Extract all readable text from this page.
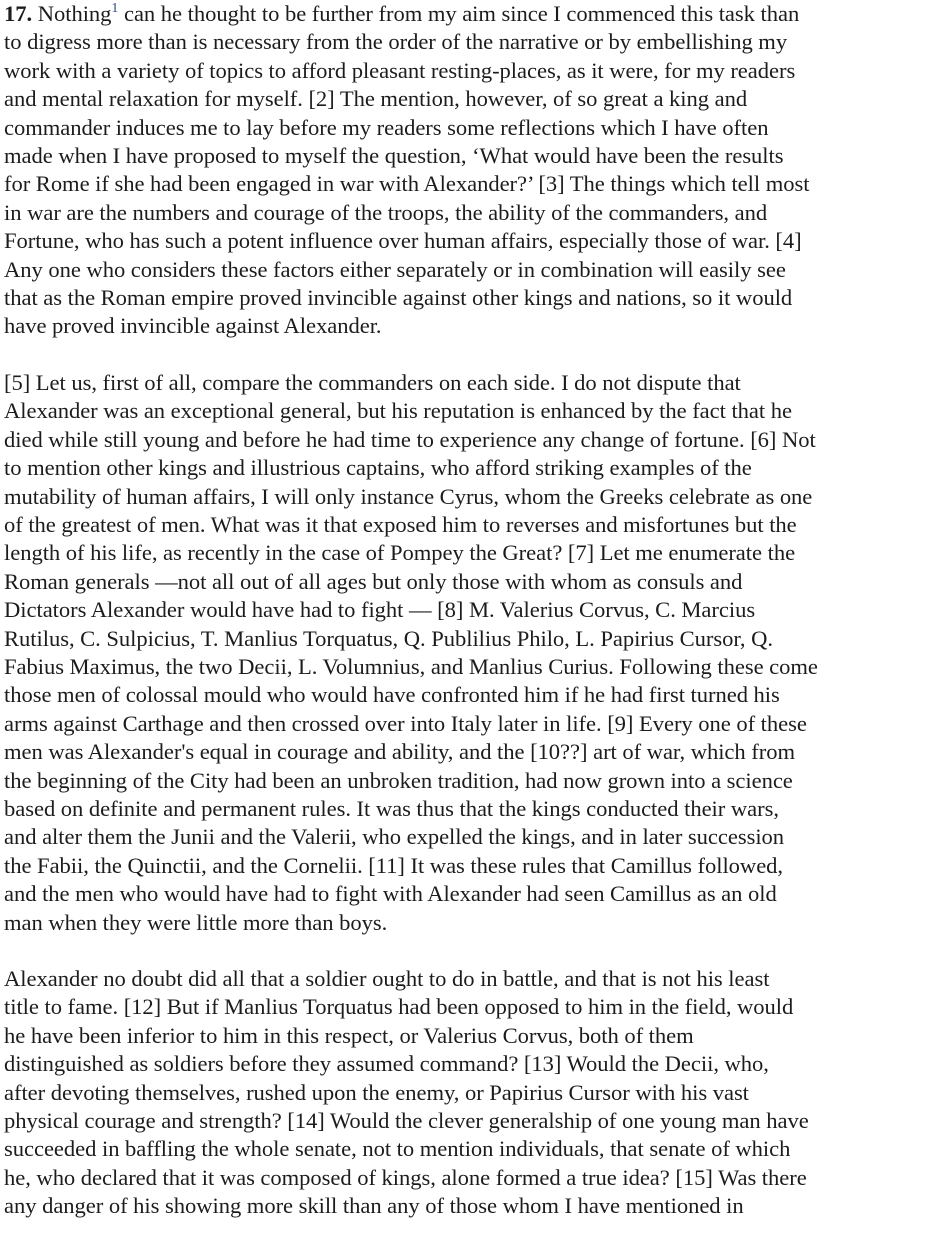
17. Nothing$^1$ can he thought to be further from my aim since I commenced this task than
to digress more than is necessary from the order of the narrative or by embellishing my
work with a variety of topics to afford pleasant resting-places, as it were, for my readers
and mental relaxation for myself. [2] The mention, however, of so great a king and
commander induces me to lay before my readers some reflections which I have often
made when I have proposed to myself the question, ‘What would have been the results
for Rome if she had been engaged in war with Alexander?’ [3] The things which tell most
in war are the numbers and courage of the troops, the ability of the commanders, and
Fortune, who has such a potent influence over human affairs, especially those of war. [4]
Any one who considers these factors either separately or in combination will easily see
that as the Roman empire proved invincible against other kings and nations, so it would
have proved invincible against Alexander.
[5] Let us, first of all, compare the commanders on each side. I do not dispute that
Alexander was an exceptional general, but his reputation is enhanced by the fact that he
died while still young and before he had time to experience any change of fortune. [6] Not
to mention other kings and illustrious captains, who afford striking examples of the
mutability of human affairs, I will only instance Cyrus, whom the Greeks celebrate as one
of the greatest of men. What was it that exposed him to reverses and misfortunes but the
length of his life, as recently in the case of Pompey the Great? [7] Let me enumerate the
Roman generals —not all out of all ages but only those with whom as consuls and
Dictators Alexander would have had to fight — [8] M. Valerius Corvus, C. Marcius
Rutilus, C. Sulpicius, T. Manlius Torquatus, Q. Publilius Philo, L. Papirius Cursor, Q.
Fabius Maximus, the two Decii, L. Volumnius, and Manlius Curius. Following these come
those men of colossal mould who would have confronted him if he had first turned his
arms against Carthage and then crossed over into Italy later in life. [9] Every one of these
men was Alexander's equal in courage and ability, and the [10??] art of war, which from
the beginning of the City had been an unbroken tradition, had now grown into a science
based on definite and permanent rules. It was thus that the kings conducted their wars,
and alter them the Junii and the Valerii, who expelled the kings, and in later succession
the Fabii, the Quinctii, and the Cornelii. [11] It was these rules that Camillus followed,
and the men who would have had to fight with Alexander had seen Camillus as an old
man when they were little more than boys.
Alexander no doubt did all that a soldier ought to do in battle, and that is not his least
title to fame. [12] But if Manlius Torquatus had been opposed to him in the field, would
he have been inferior to him in this respect, or Valerius Corvus, both of them
distinguished as soldiers before they assumed command? [13] Would the Decii, who,
after devoting themselves, rushed upon the enemy, or Papirius Cursor with his vast
physical courage and strength? [14] Would the clever generalship of one young man have
succeeded in baffling the whole senate, not to mention individuals, that senate of which
he, who declared that it was composed of kings, alone formed a true idea? [15] Was there
any danger of his showing more skill than any of those whom I have mentioned in
